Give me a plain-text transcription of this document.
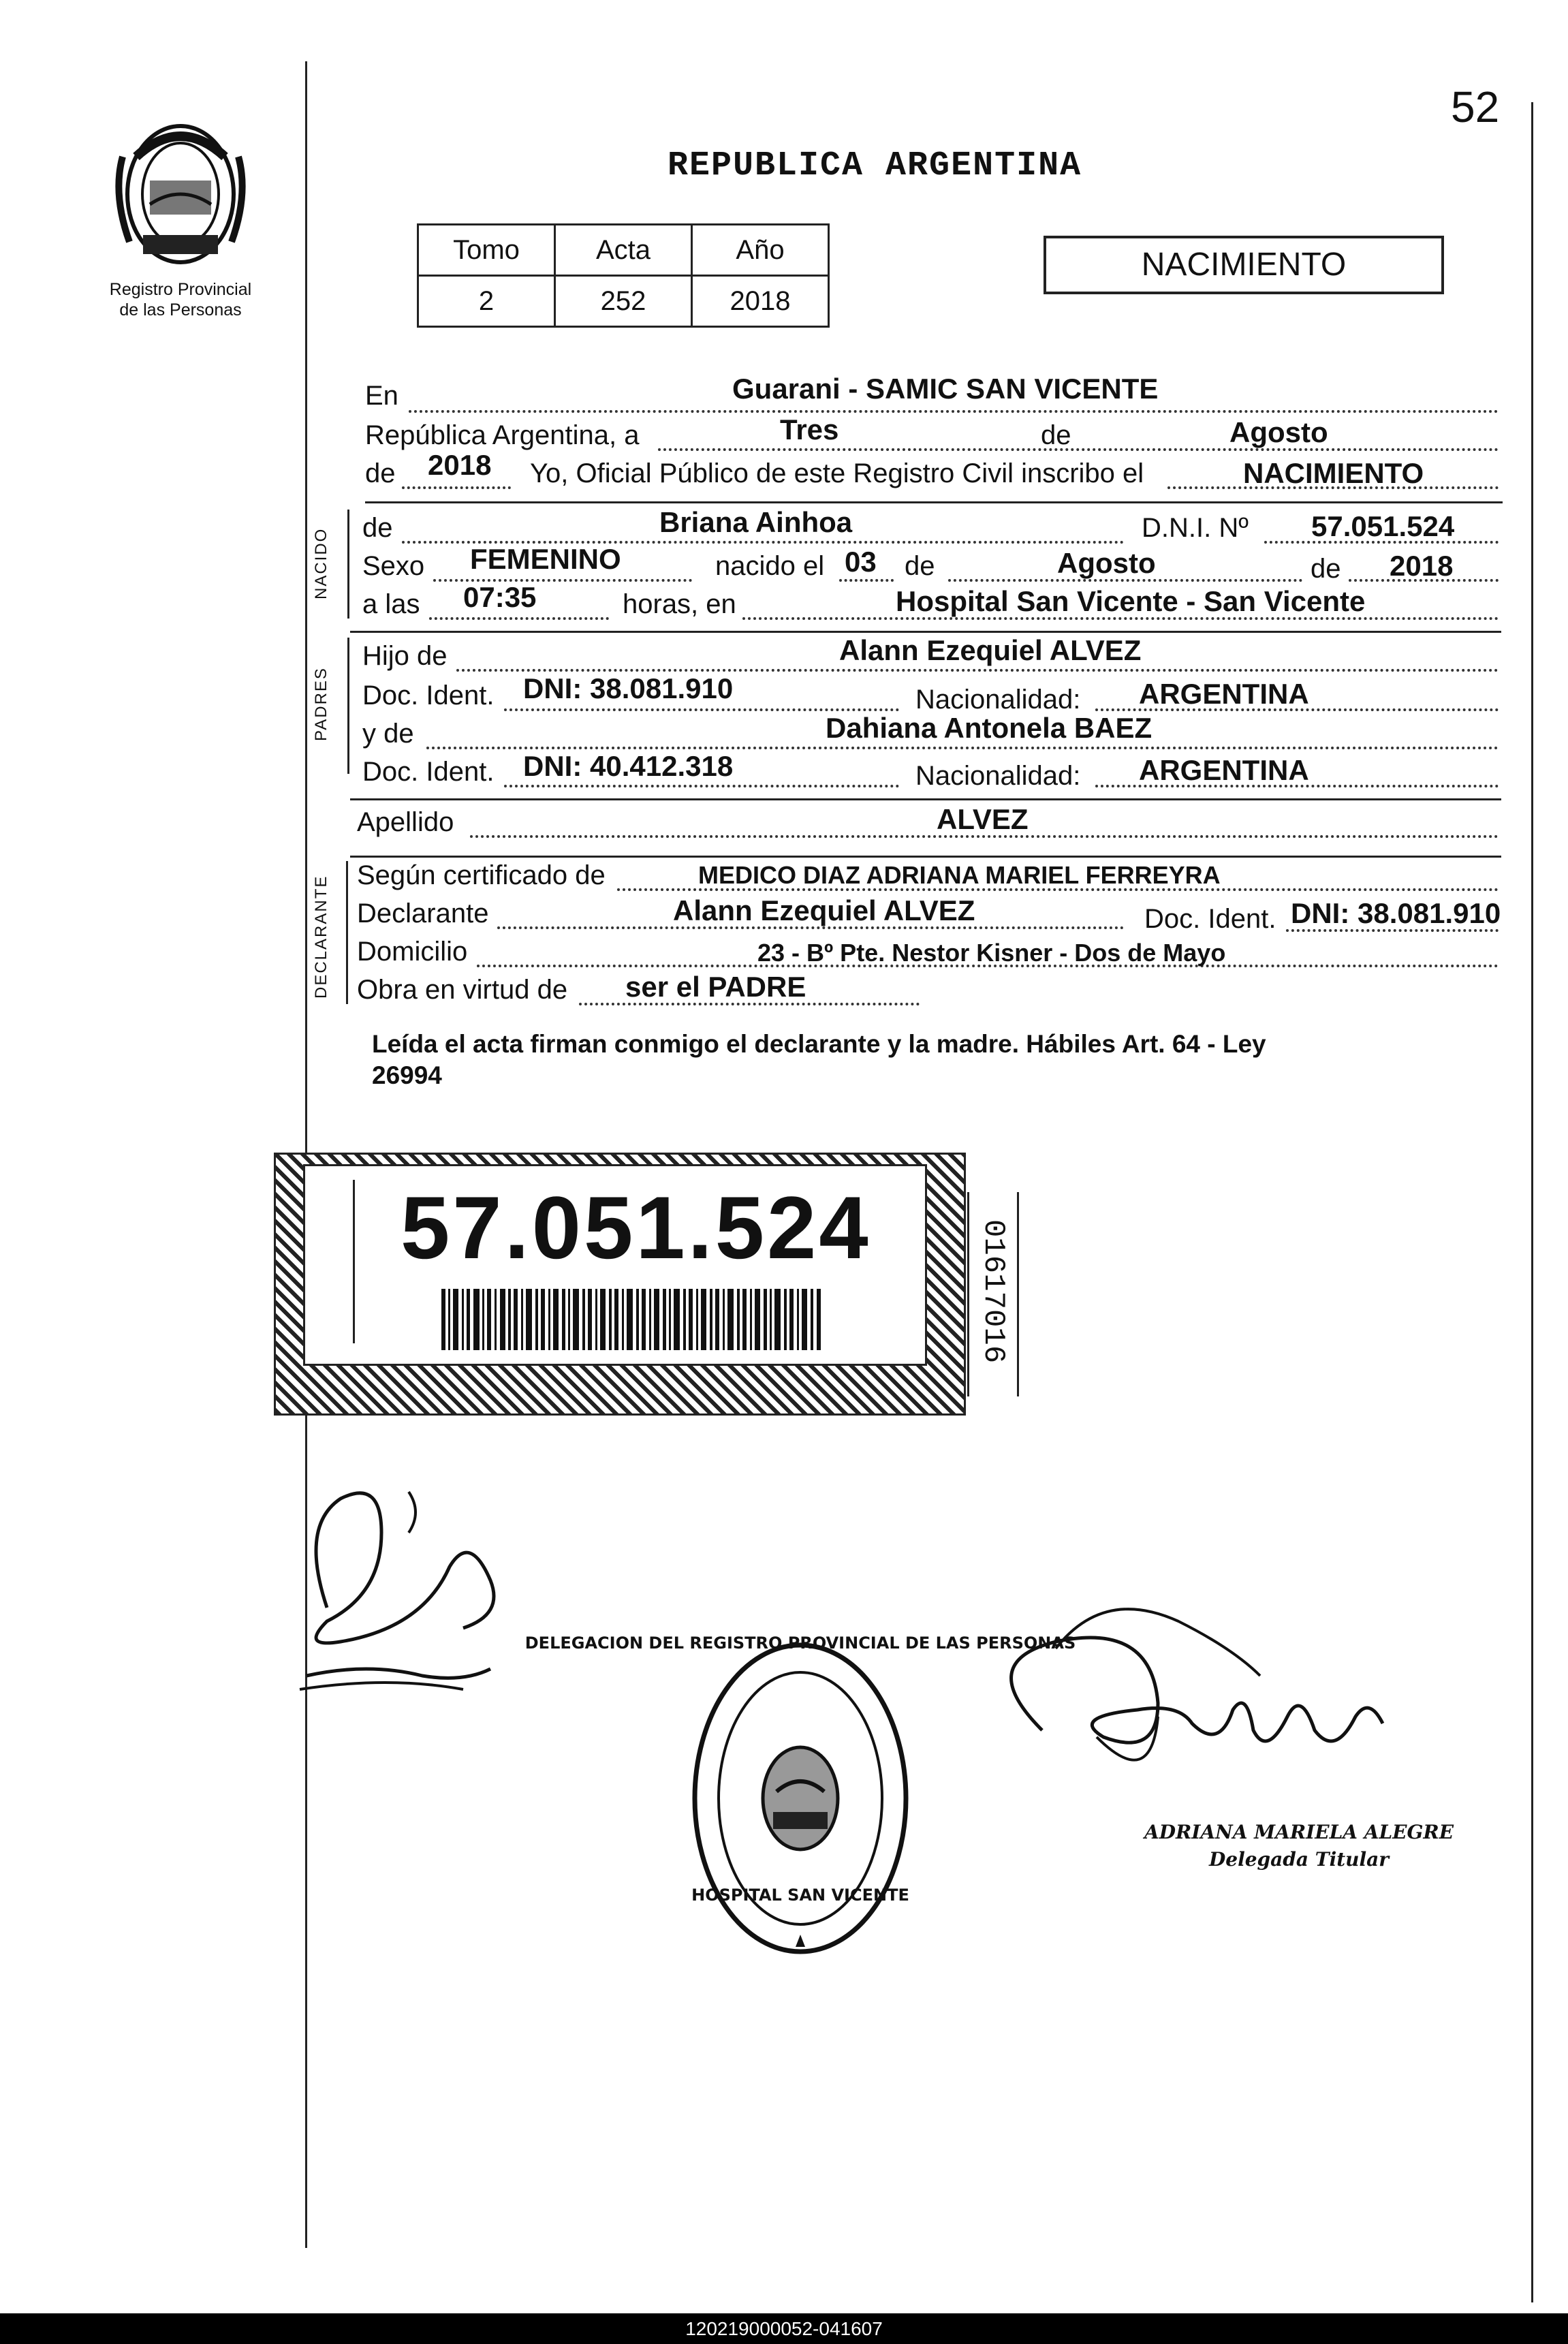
Registro Provincial
de las Personas
52
REPUBLICA ARGENTINA
Tomo	Acta	Año
2	252	2018
NACIMIENTO
En	Guarani - SAMIC SAN VICENTE
República Argentina, a	Tres	de	Agosto
de 2018 Yo, Oficial Público de este Registro Civil inscribo el	NACIMIENTO
NACIDO de	Briana Ainhoa	D.N.I. Nº 57.051.524
Sexo FEMENINO	nacido el 03 de	Agosto	de 2018
a las 07:35	horas, en	Hospital San Vicente - San Vicente
PADRES
Hijo de	Alann Ezequiel ALVEZ
Doc. Ident. DNI: 38.081.910	Nacionalidad: ARGENTINA
y de	Dahiana Antonela BAEZ
Doc. Ident. DNI: 40.412.318	Nacionalidad: ARGENTINA
Apellido	ALVEZ
DECLARANTE Según certificado de	MEDICO DIAZ ADRIANA MARIEL FERREYRA
Declarante	Alann Ezequiel ALVEZ	Doc. Ident. DNI: 38.081.910
Domicilio	23 - Bº Pte. Nestor Kisner - Dos de Mayo
Obra en virtud de ser el PADRE
Leída el acta firman conmigo el declarante y la madre. Hábiles Art. 64 - Ley
26994
57.051.524	01617016
DELEGACION DEL REGISTRO PROVINCIAL DE LAS PERSONAS
HOSPITAL SAN VICENTE
ADRIANA MARIELA ALEGRE
Delegada Titular
120219000052-041607
